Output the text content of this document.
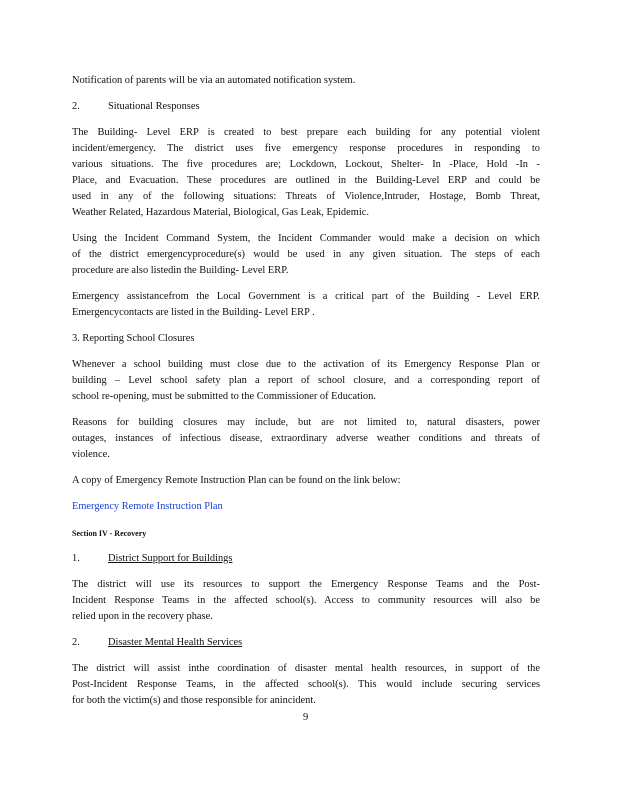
Notification of parents will be via an automated notification system.
2.	Situational Responses
The Building- Level ERP is created to best prepare each building for any potential violent
incident/emergency. The district uses five emergency response procedures in responding to
various situations. The five procedures are; Lockdown, Lockout, Shelter- In -Place, Hold -In -
Place, and Evacuation. These procedures are outlined in the Building-Level ERP and could be
used in any of the following situations: Threats of Violence,Intruder, Hostage, Bomb Threat,
Weather Related, Hazardous Material, Biological, Gas Leak, Epidemic.
Using the Incident Command System, the Incident Commander would make a decision on which
of the district emergencyprocedure(s) would be used in any given situation. The steps of each
procedure are also listedin the Building- Level ERP.
Emergency assistancefrom the Local Government is a critical part of the Building - Level ERP.
Emergencycontacts are listed in the Building- Level ERP .
3. Reporting School Closures
Whenever a school building must close due to the activation of its Emergency Response Plan or
building – Level school safety plan a report of school closure, and a corresponding report of
school re-opening, must be submitted to the Commissioner of Education.
Reasons for building closures may include, but are not limited to, natural disasters, power
outages, instances of infectious disease, extraordinary adverse weather conditions and threats of
violence.
A copy of Emergency Remote Instruction Plan can be found on the link below:
Emergency Remote Instruction Plan
Section IV - Recovery
1.	District Support for Buildings
The district will use its resources to support the Emergency Response Teams and the Post-
Incident Response Teams in the affected school(s). Access to community resources will also be
relied upon in the recovery phase.
2.	Disaster Mental Health Services
The district will assist inthe coordination of disaster mental health resources, in support of the
Post-Incident Response Teams, in the affected school(s). This would include securing services
for both the victim(s) and those responsible for anincident.
9
